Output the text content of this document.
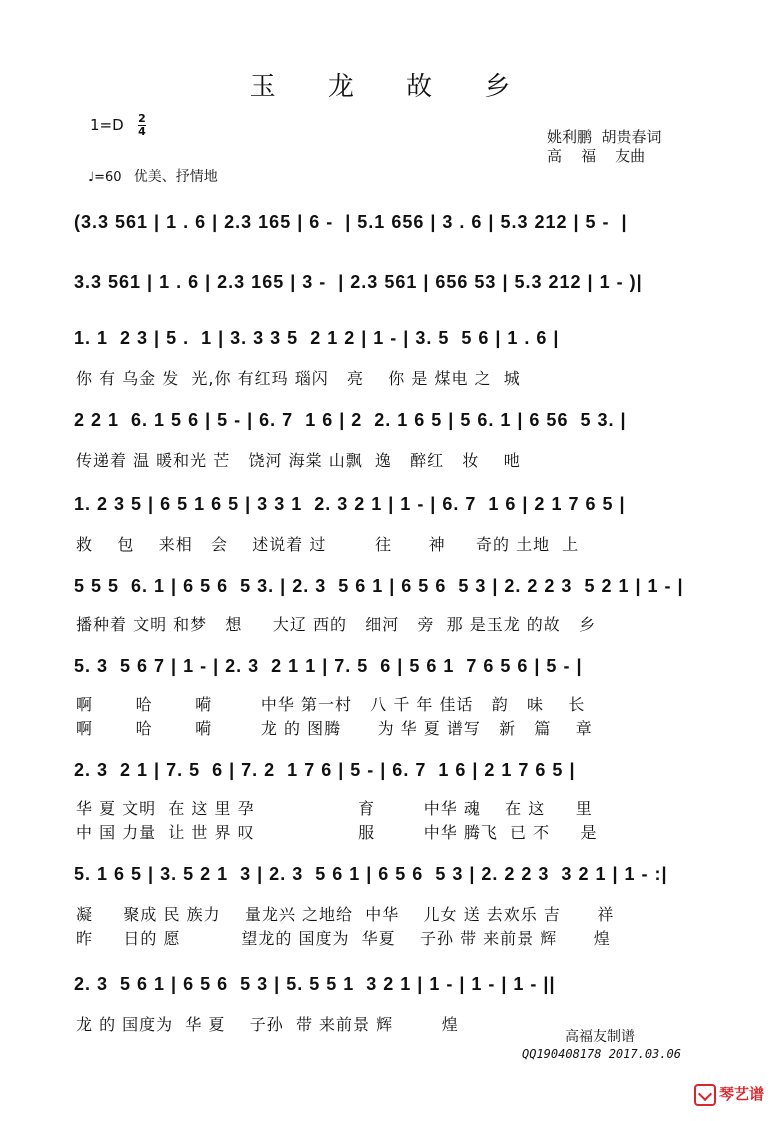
玉 龙 故 乡
1=D 2
4	姚利鹏  胡贵春词
高    福    友曲
♩=60 优美、抒情地
(3.3 561 | 1 . 6 | 2.3 165 | 6 -  | 5.1 656 | 3 . 6 | 5.3 212 | 5 -  |
3.3 561 | 1 . 6 | 2.3 165 | 3 -  | 2.3 561 | 656 53 | 5.3 212 | 1 - )|
1. 1  2 3 | 5 .  1 | 3. 3 3 5  2 1 2 | 1 - | 3. 5  5 6 | 1 . 6 |
你 有 乌金 发  光,你 有红玛 瑙闪   亮    你 是 煤电 之  城
2 2 1  6. 1 5 6 | 5 - | 6. 7  1 6 | 2  2. 1 6 5 | 5 6. 1 | 6 56  5 3. |
传递着 温 暖和光 芒   饶河 海棠 山飘  逸   醉红   妆    吔
1. 2 3 5 | 6 5 1 6 5 | 3 3 1  2. 3 2 1 | 1 - | 6. 7  1 6 | 2 1 7 6 5 |
救    包    来相   会    述说着 过        往      神     奇的 土地  上
5 5 5  6. 1 | 6 5 6  5 3. | 2. 3  5 6 1 | 6 5 6  5 3 | 2. 2 2 3  5 2 1 | 1 - |
播种着 文明 和梦   想     大辽 西的   细河   旁  那 是玉龙 的故   乡
5. 3  5 6 7 | 1 - | 2. 3  2 1 1 | 7. 5  6 | 5 6 1  7 6 5 6 | 5 - |
啊       哈       嗬        中华 第一村   八 千 年 佳话   韵   味    长
啊       哈       嗬        龙 的 图腾      为 华 夏 谱写   新   篇    章
2. 3  2 1 | 7. 5  6 | 7. 2  1 7 6 | 5 - | 6. 7  1 6 | 2 1 7 6 5 |
华 夏 文明  在 这 里 孕                 育        中华 魂    在 这     里
中 国 力量  让 世 界 叹                 服        中华 腾飞  已 不     是
5. 1 6 5 | 3. 5 2 1  3 | 2. 3  5 6 1 | 6 5 6  5 3 | 2. 2 2 3  3 2 1 | 1 - :|
凝     聚成 民 族力    量龙兴 之地给  中华    儿女 送 去欢乐 吉      祥
昨     日的 愿          望龙的 国度为  华夏    子孙 带 来前景 辉      煌
2. 3  5 6 1 | 6 5 6  5 3 | 5. 5 5 1  3 2 1 | 1 - | 1 - | 1 - ||
龙 的 国度为  华 夏    子孙  带 来前景 辉        煌
高福友制谱
QQ190408178 2017.03.06
琴艺谱
